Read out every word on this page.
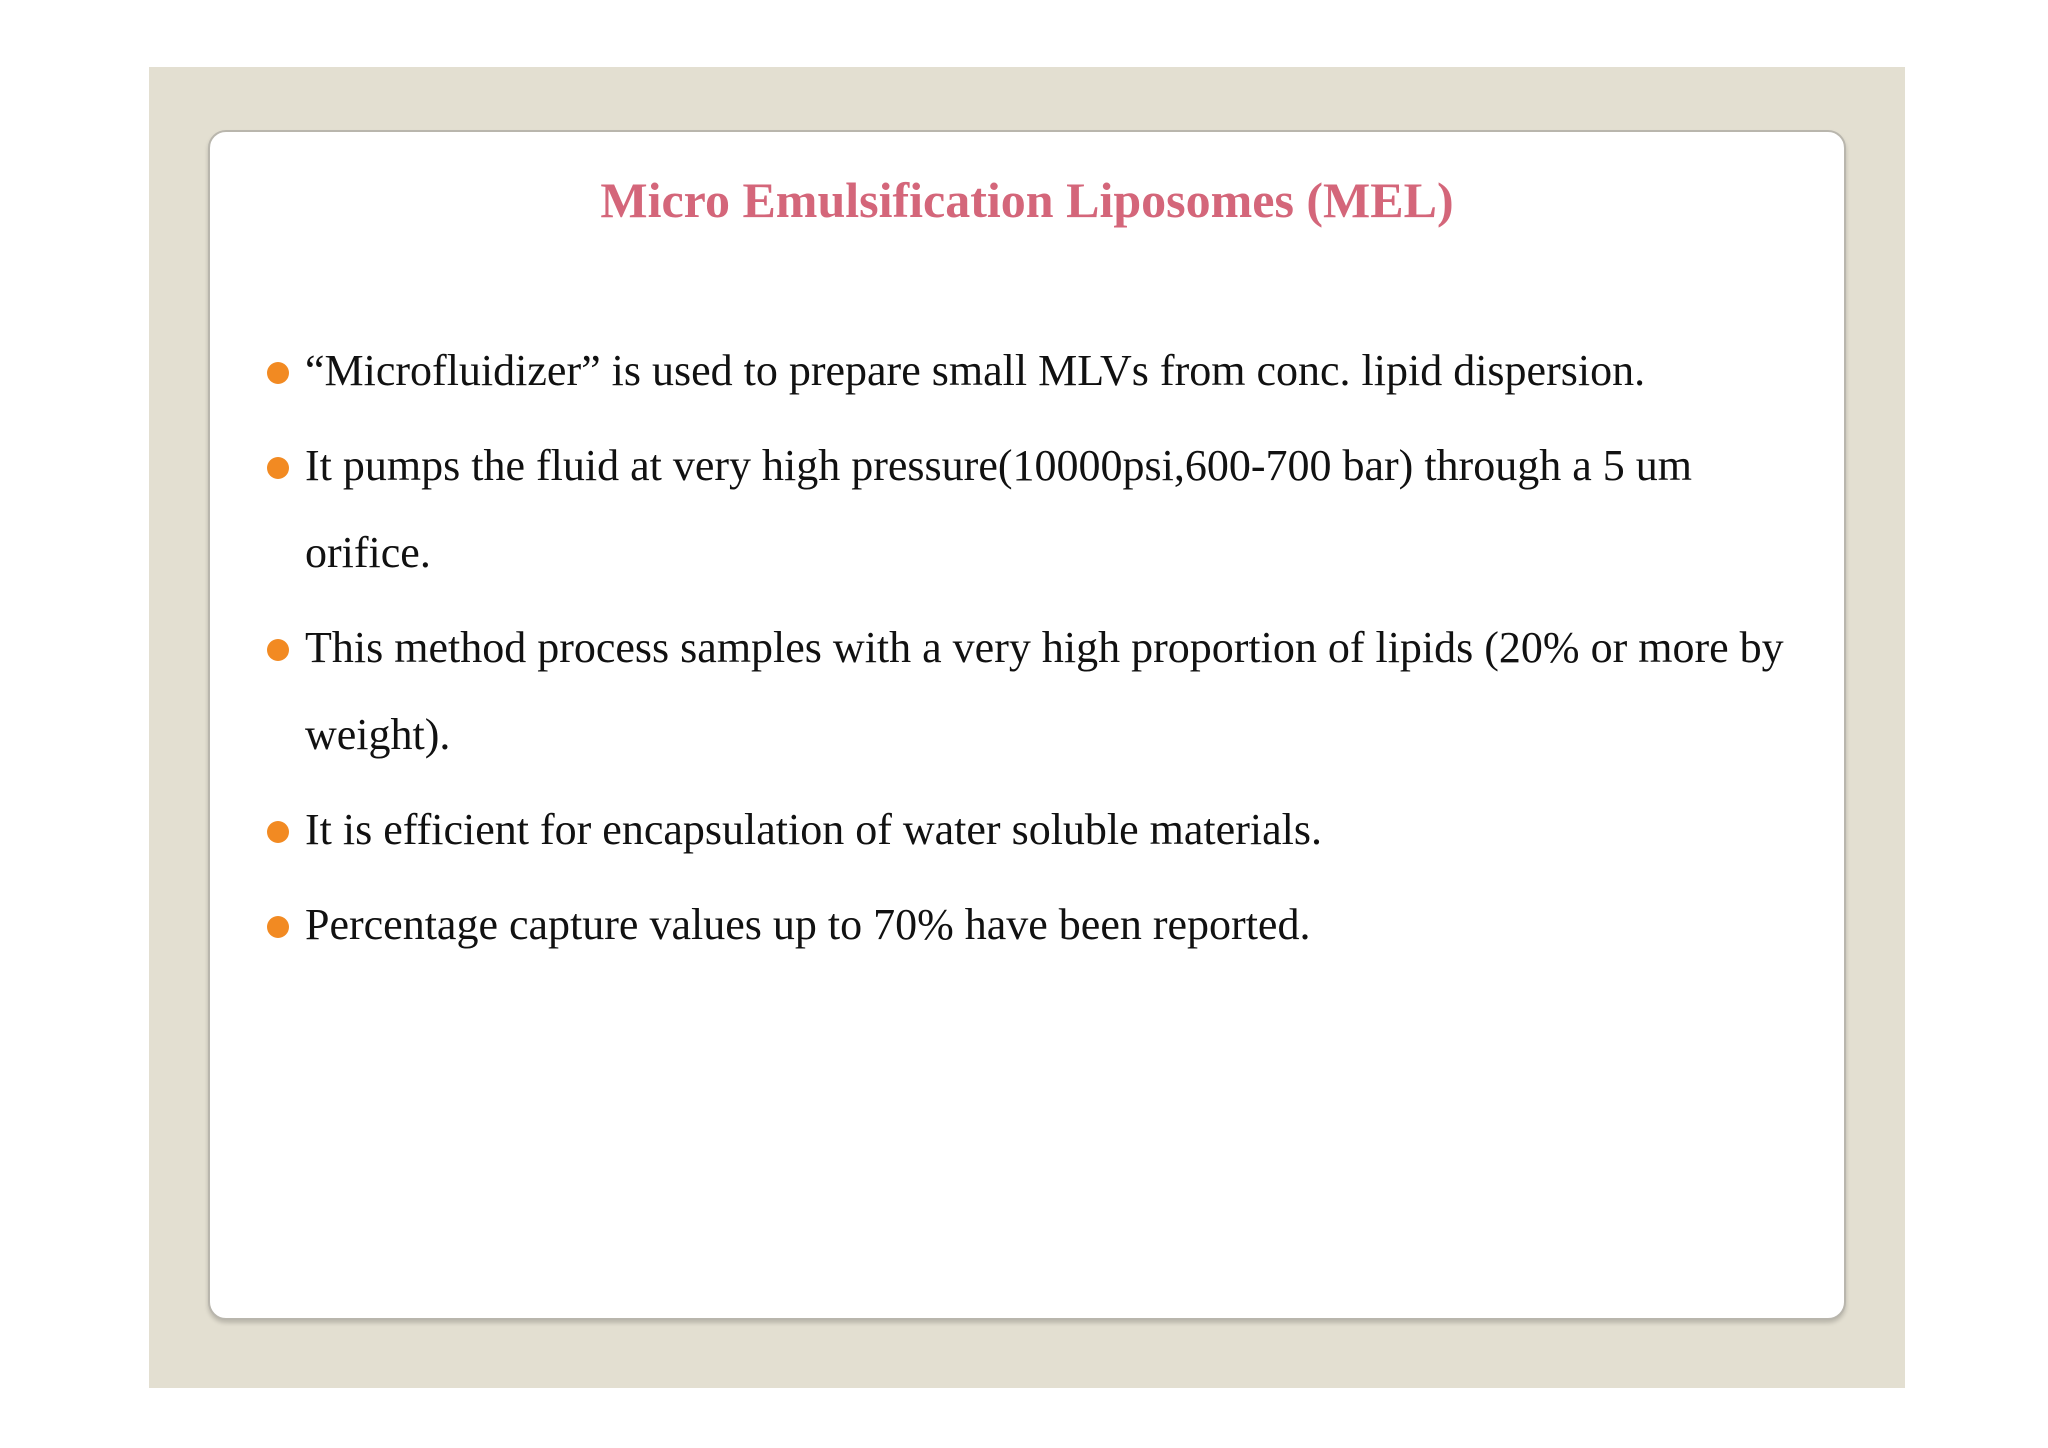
Micro Emulsification Liposomes (MEL)
“Microfluidizer” is used to prepare small MLVs from conc. lipid dispersion.
It pumps the fluid at very high pressure(10000psi,600-700 bar) through a 5 um orifice.
This method process samples with a very high proportion of lipids (20% or more by weight).
It is efficient for encapsulation of water soluble materials.
Percentage capture values up to 70% have been reported.
